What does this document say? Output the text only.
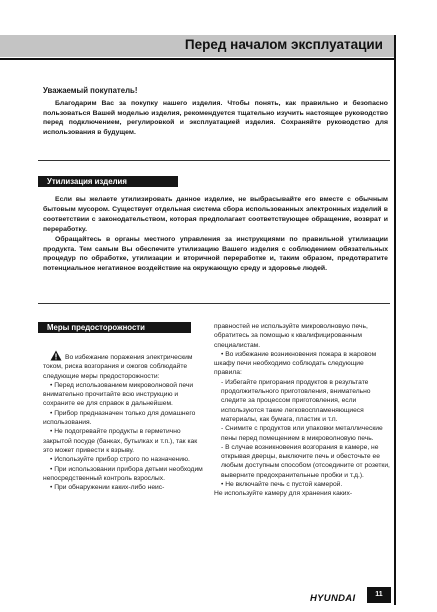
Перед началом эксплуатации
Уважаемый покупатель!

Благодарим Вас за покупку нашего изделия. Чтобы понять, как правильно и безопасно пользоваться Вашей моделью изделия, рекомендуется тщательно изучить настоящее руководство перед подключением, регулировкой и эксплуатацией изделия. Сохраняйте руководство для использования в будущем.

Утилизация изделия

Если вы желаете утилизировать данное изделие, не выбрасывайте его вместе с обычным бытовым мусором. Существует отдельная система сбора использованных электронных изделий в соответствии с законодательством, которая предполагает соответствующее обращение, возврат и переработку.

Обращайтесь в органы местного управления за инструкциями по правильной утилизации продукта. Тем самым Вы обеспечите утилизацию Вашего изделия с соблюдением обязательных процедур по обработке, утилизации и вторичной переработке и, таким образом, предотвратите потенциальное негативное воздействие на окружающую среду и здоровье людей.

Меры предосторожности

Во избежание поражения электрическим током, риска возгорания и ожогов соблюдайте следующие меры предосторожности:

• Перед использованием микроволновой печи внимательно прочитайте всю инструкцию и сохраните ее для справок в дальнейшем.

• Прибор предназначен только для домашнего использования.

• Не подогревайте продукты в герметично закрытой посуде (банках, бутылках и т.п.), так как это может привести к взрыву.

• Используйте прибор строго по назначению.

• При использовании прибора детьми необходим непосредственный контроль взрослых.

• При обнаружении каких-либо неис-

правностей не используйте микроволновую печь, обратитесь за помощью к квалифицированным специалистам.

• Во избежание возникновения пожара в жаровом шкафу печи необходимо соблюдать следующие правила:

- Избегайте пригорания продуктов в результате продолжительного приготовления, внимательно следите за процессом приготовления, если используются такие легковоспламеняющиеся материалы, как бумага, пластик и т.п.

- Снимите с продуктов или упаковки металлические пены перед помещением в микроволновую печь.

- В случае возникновения возгорания в камере, не открывая дверцы, выключите печь и обесточьте ее любым доступным способом (отсоедините от розетки, выверните предохранительные пробки и т.д.).

• Не включайте печь с пустой камерой.

Не используйте камеру для хранения каких-

HYUNDAI	11
